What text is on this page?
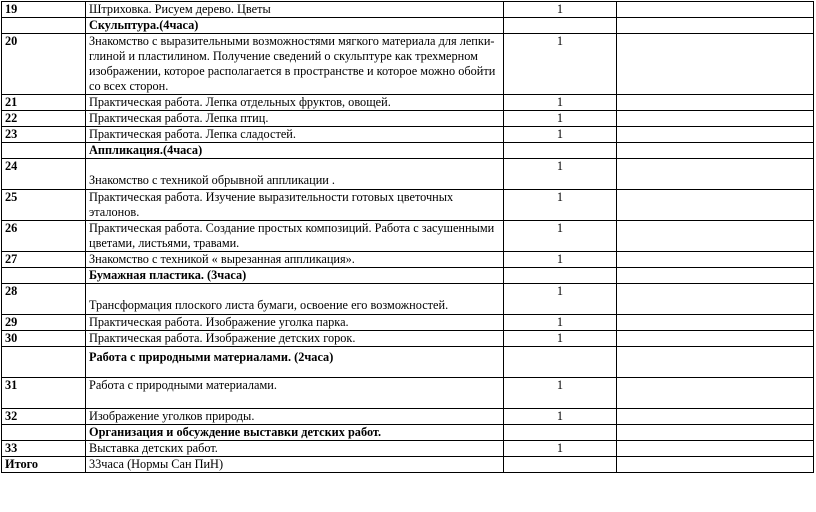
19	Штриховка. Рисуем дерево. Цветы	1	
	Скульптура.(4часа)		
20	Знакомство с выразительными возможностями мягкого материала для лепки-глиной и пластилином. Получение сведений о скульптуре как трехмерном изображении, которое располагается в пространстве и которое можно обойти со всех сторон.	1	
21	Практическая работа. Лепка отдельных фруктов, овощей.	1	
22	Практическая работа. Лепка птиц.	1	
23	Практическая работа. Лепка сладостей.	1	
	Аппликация.(4часа)		
24	Знакомство с техникой обрывной аппликации .	1	
25	Практическая работа. Изучение выразительности готовых цветочных эталонов.	1	
26	Практическая работа. Создание простых композиций. Работа с засушенными цветами, листьями, травами.	1	
27	Знакомство с техникой « вырезанная аппликация».	1	
	Бумажная пластика. (3часа)		
28	Трансформация плоского листа бумаги, освоение его возможностей.	1	
29	Практическая работа. Изображение уголка парка.	1	
30	Практическая работа. Изображение детских горок.	1	

	Работа с природными материалами. (2часа)		

31	Работа с природными материалами.	1	
32	Изображение уголков природы.	1	
	Организация и обсуждение выставки детских работ.		
33	Выставка детских работ.	1	
Итого	33часа (Нормы Сан ПиН)		
